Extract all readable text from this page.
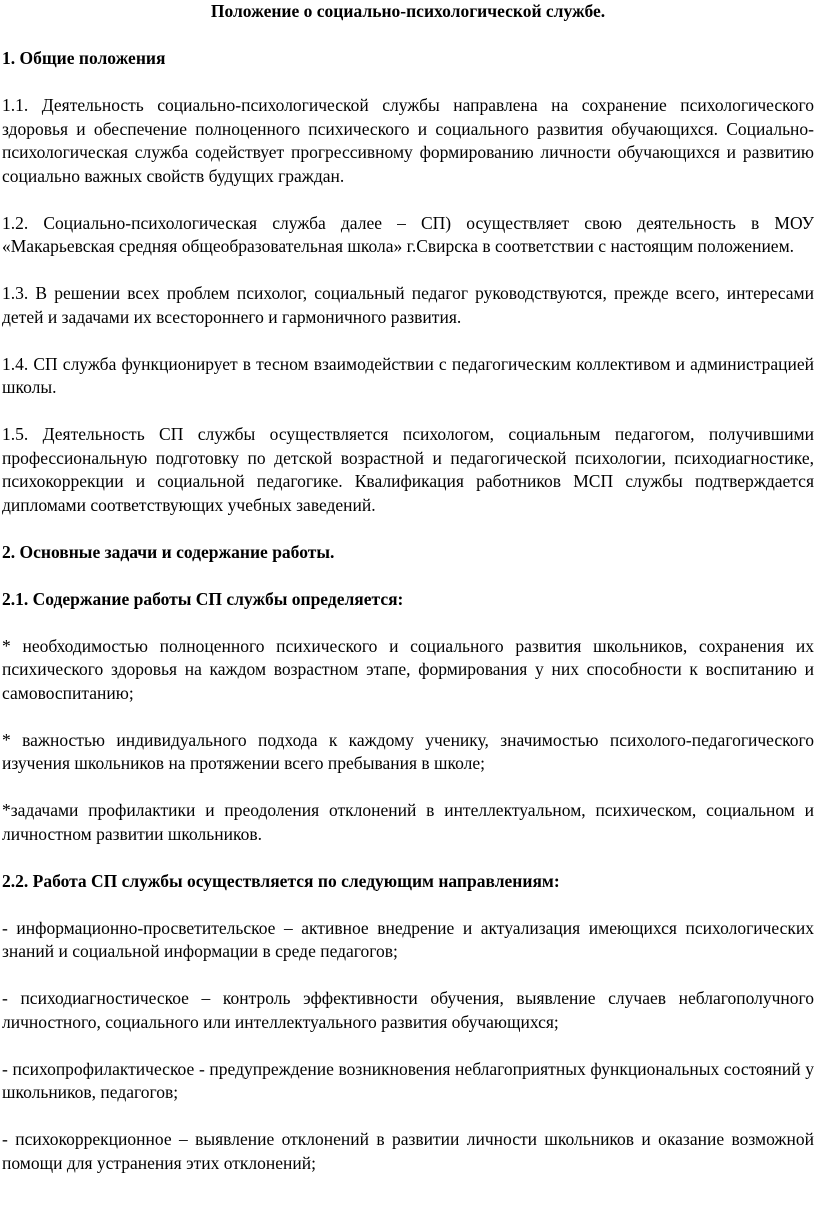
Положение о социально-психологической службе.

1. Общие положения

1.1. Деятельность социально-психологической службы направлена на сохранение психологического здоровья и обеспечение полноценного психического и социального развития обучающихся. Социально-психологическая служба содействует прогрессивному формированию личности обучающихся и развитию социально важных свойств будущих граждан.

1.2. Социально-психологическая служба далее – СП) осуществляет свою деятельность в МОУ «Макарьевская средняя общеобразовательная школа» г.Свирска в соответствии с настоящим положением.

1.3. В решении всех проблем психолог, социальный педагог руководствуются, прежде всего, интересами детей и задачами их всестороннего и гармоничного развития.

1.4. СП служба функционирует в тесном взаимодействии с педагогическим коллективом и администрацией школы.

1.5. Деятельность СП службы осуществляется психологом, социальным педагогом, получившими профессиональную подготовку по детской возрастной и педагогической психологии, психодиагностике, психокоррекции и социальной педагогике. Квалификация работников МСП службы подтверждается дипломами соответствующих учебных заведений.

2. Основные задачи и содержание работы.

2.1. Содержание работы СП службы определяется:

* необходимостью полноценного психического и социального развития школьников, сохранения их психического здоровья на каждом возрастном этапе, формирования у них способности к воспитанию и самовоспитанию;

* важностью индивидуального подхода к каждому ученику, значимостью психолого-педагогического изучения школьников на протяжении всего пребывания в школе;

*задачами профилактики и преодоления отклонений в интеллектуальном, психическом, социальном и личностном развитии школьников.

2.2. Работа СП службы осуществляется по следующим направлениям:

- информационно-просветительское – активное внедрение и актуализация имеющихся психологических знаний и социальной информации в среде педагогов;

- психодиагностическое – контроль эффективности обучения, выявление случаев неблагополучного личностного, социального или интеллектуального развития обучающихся;

- психопрофилактическое - предупреждение возникновения неблагоприятных функциональных состояний у школьников, педагогов;

- психокоррекционное – выявление отклонений в развитии личности школьников и оказание возможной помощи для устранения этих отклонений;
